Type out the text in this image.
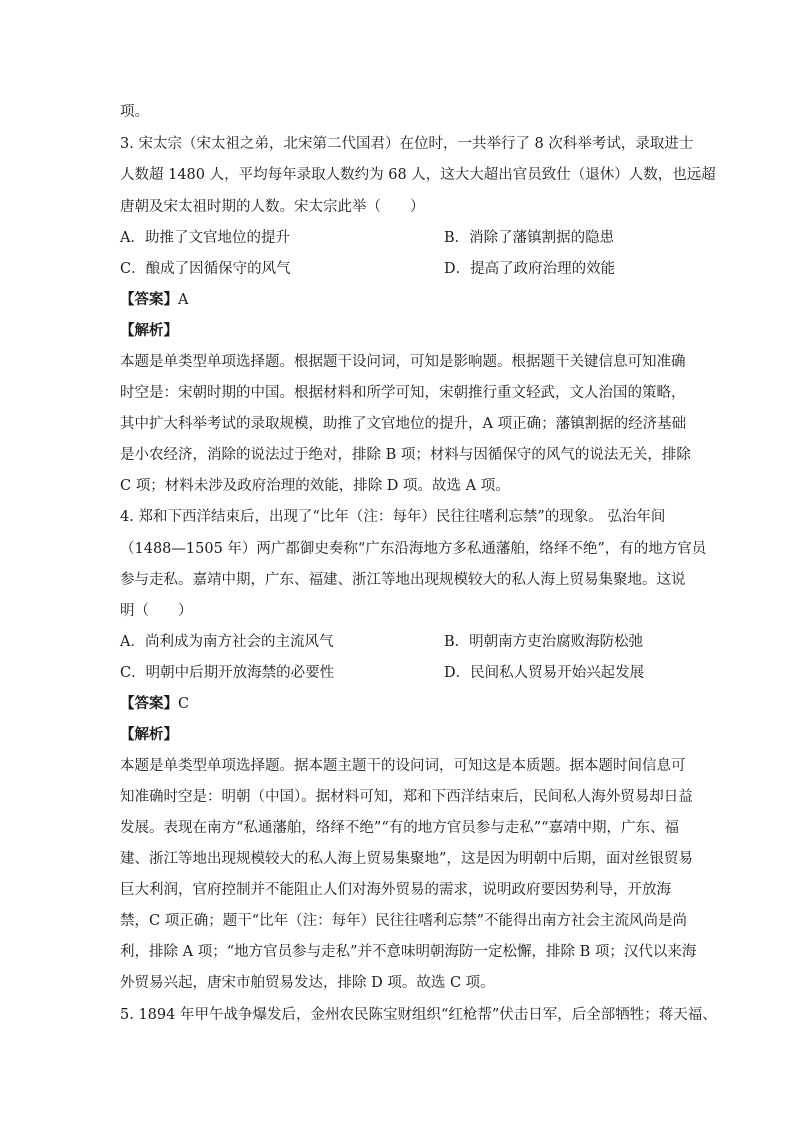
项。
3. 宋太宗（宋太祖之弟，北宋第二代国君）在位时，一共举行了 8 次科举考试，录取进士
人数超 1480 人，平均每年录取人数约为 68 人，这大大超出官员致仕（退休）人数，也远超
唐朝及宋太祖时期的人数。宋太宗此举（　　）
A．助推了文官地位的提升	B．消除了藩镇割据的隐患
C．酿成了因循保守的风气	D．提高了政府治理的效能
【答案】A
【解析】
本题是单类型单项选择题。根据题干设问词，可知是影响题。根据题干关键信息可知准确
时空是：宋朝时期的中国。根据材料和所学可知，宋朝推行重文轻武，文人治国的策略，
其中扩大科举考试的录取规模，助推了文官地位的提升，A 项正确；藩镇割据的经济基础
是小农经济，消除的说法过于绝对，排除 B 项；材料与因循保守的风气的说法无关，排除
C 项；材料未涉及政府治理的效能，排除 D 项。故选 A 项。
4. 郑和下西洋结束后，出现了“比年（注：每年）民往往嗜利忘禁”的现象。 弘治年间
（1488—1505 年）两广都御史奏称“广东沿海地方多私通藩舶，络绎不绝”，有的地方官员
参与走私。嘉靖中期，广东、福建、浙江等地出现规模较大的私人海上贸易集聚地。这说
明（　　）
A．尚利成为南方社会的主流风气	B．明朝南方吏治腐败海防松弛
C．明朝中后期开放海禁的必要性	D．民间私人贸易开始兴起发展
【答案】C
【解析】
本题是单类型单项选择题。据本题主题干的设问词，可知这是本质题。据本题时间信息可
知准确时空是：明朝（中国）。据材料可知，郑和下西洋结束后，民间私人海外贸易却日益
发展。表现在南方“私通藩舶，络绎不绝”“有的地方官员参与走私”“嘉靖中期，广东、福
建、浙江等地出现规模较大的私人海上贸易集聚地”，这是因为明朝中后期，面对丝银贸易
巨大利润，官府控制并不能阻止人们对海外贸易的需求，说明政府要因势利导，开放海
禁，C 项正确；题干“比年（注：每年）民往往嗜利忘禁”不能得出南方社会主流风尚是尚
利，排除 A 项；“地方官员参与走私”并不意味明朝海防一定松懈，排除 B 项；汉代以来海
外贸易兴起，唐宋市舶贸易发达，排除 D 项。故选 C 项。
5. 1894 年甲午战争爆发后，金州农民陈宝财组织“红枪帮”伏击日军，后全部牺牲；蒋天福、
